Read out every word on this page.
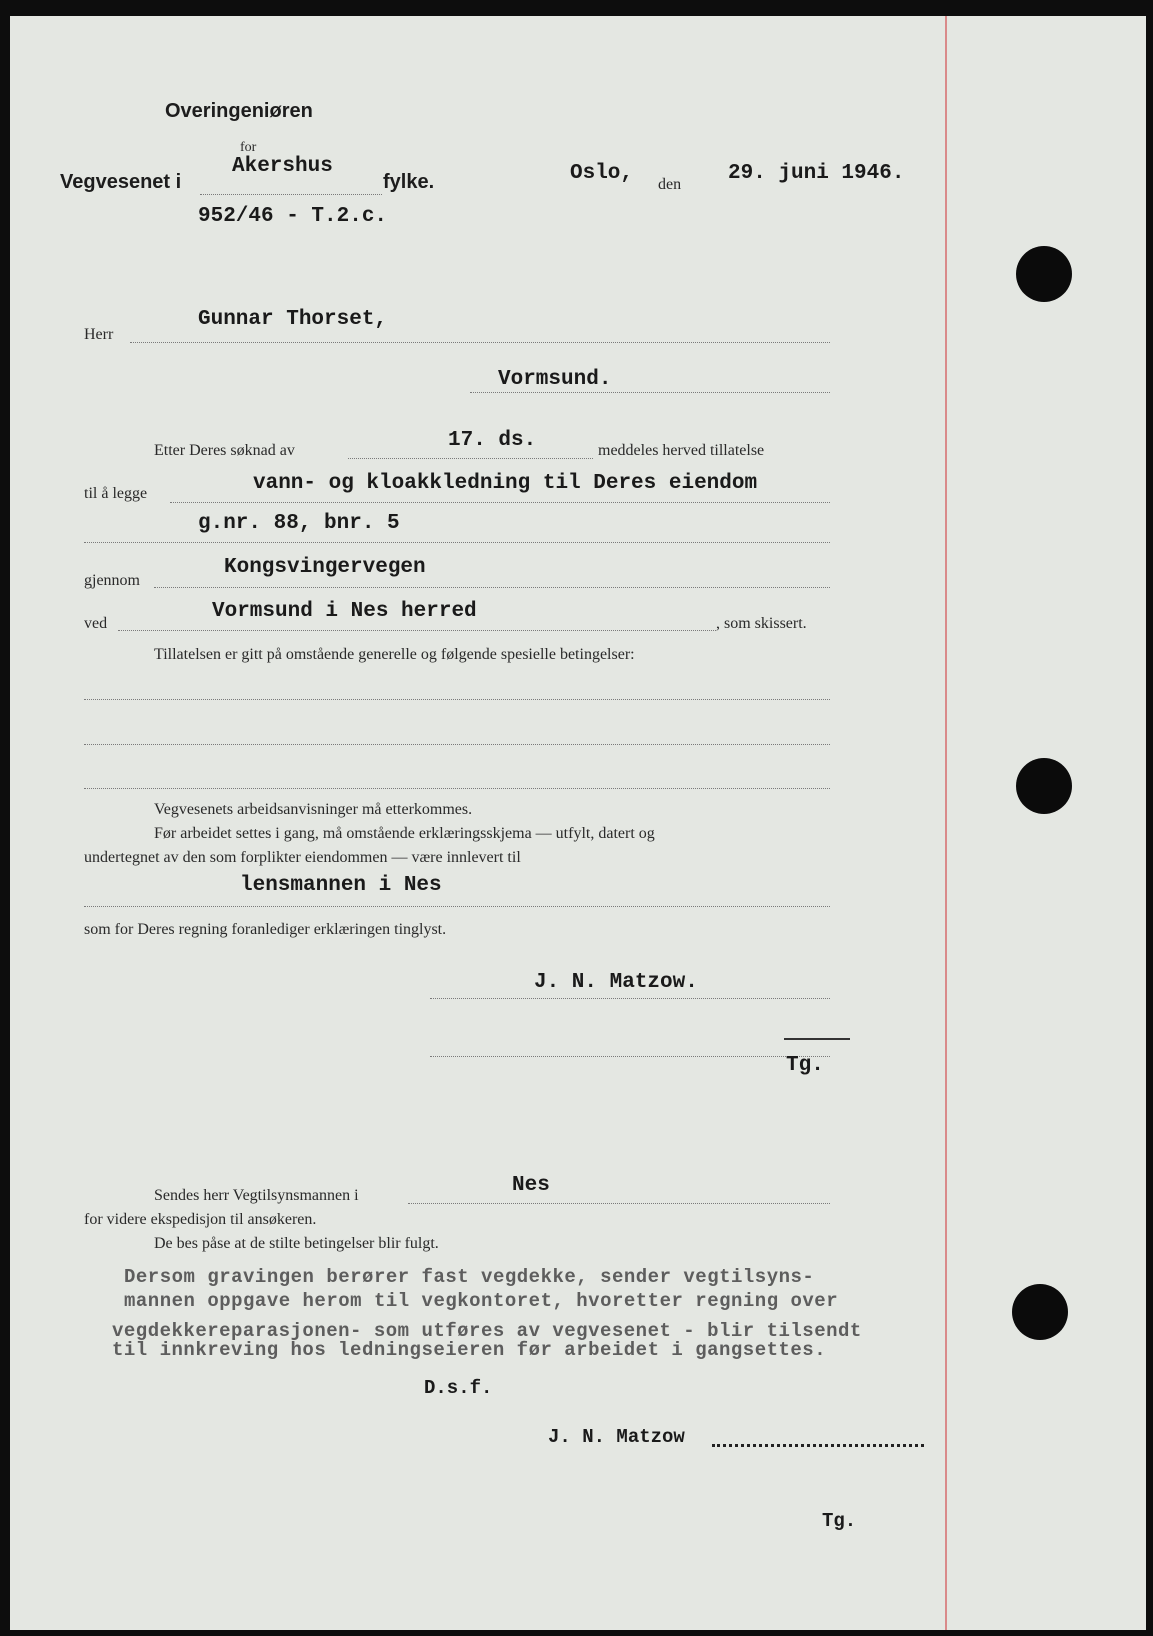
Overingeniøren
for
Akershus
Vegvesenet i	fylke.	Oslo, den 29. juni 1946.
952/46 - T.2.c.
Gunnar Thorset,
Herr
Vormsund.
17. ds.
Etter Deres søknad av	meddeles herved tillatelse
vann- og kloakkledning til Deres eiendom
til å legge
g.nr. 88, bnr. 5
Kongsvingervegen
gjennom
Vormsund i Nes herred
ved	, som skissert.
Tillatelsen er gitt på omstående generelle og følgende spesielle betingelser:
Vegvesenets arbeidsanvisninger må etterkommes.
Før arbeidet settes i gang, må omstående erklæringsskjema — utfylt, datert og
undertegnet av den som forplikter eiendommen — være innlevert til
lensmannen i Nes
som for Deres regning foranlediger erklæringen tinglyst.
J. N. Matzow.
Tg.
Nes
Sendes herr Vegtilsynsmannen i
for videre ekspedisjon til ansøkeren.
De bes påse at de stilte betingelser blir fulgt.
Dersom gravingen berører fast vegdekke, sender vegtilsyns-
mannen oppgave herom til vegkontoret, hvoretter regning over
vegdekkereparasjonen- som utføres av vegvesenet - blir tilsendt
til innkreving hos ledningseieren før arbeidet i gangsettes.
D.s.f.
J. N. Matzow
Tg.
